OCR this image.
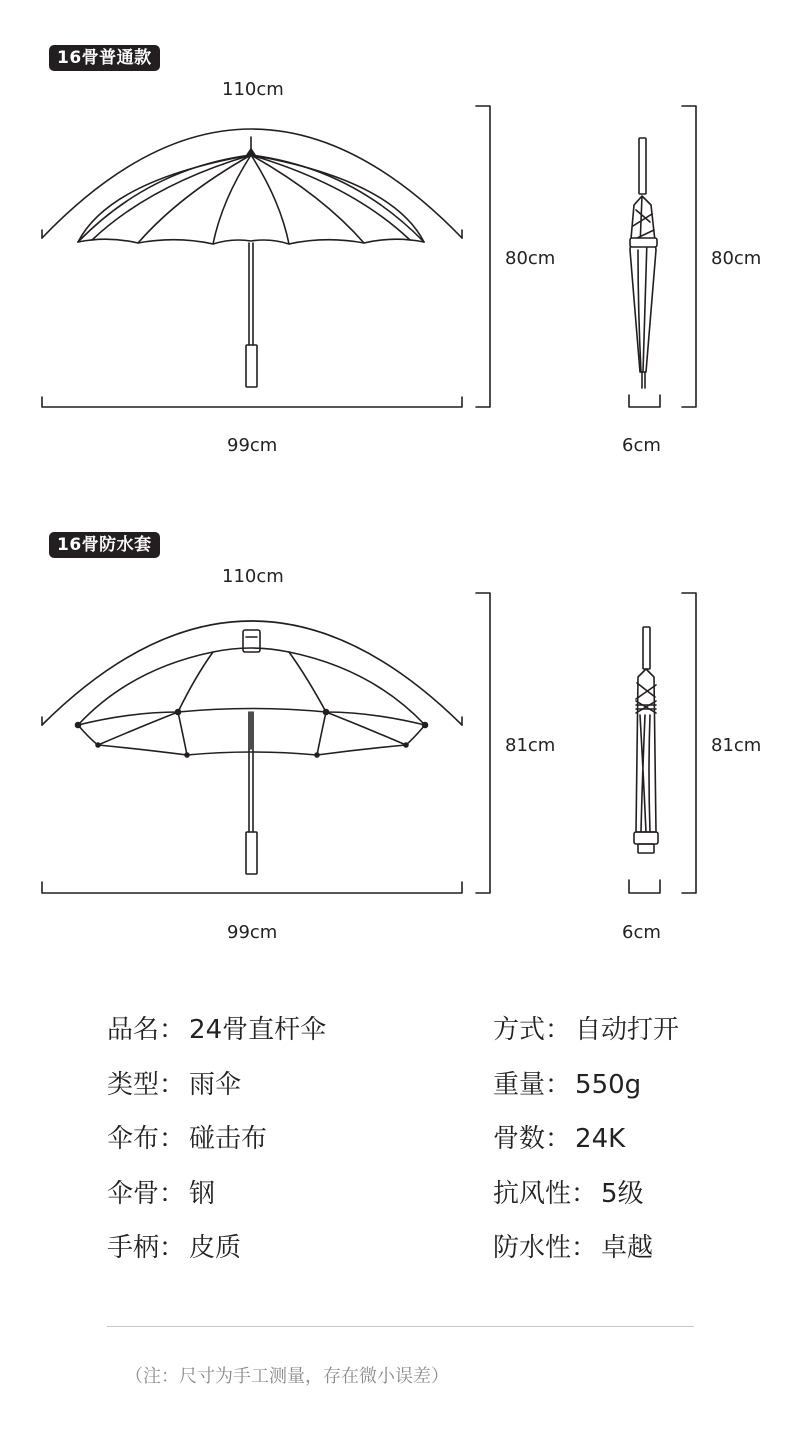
16骨普通款
110cm
80cm
99cm
80cm
6cm
16骨防水套
110cm
81cm
99cm
81cm
6cm
品名： 24骨直杆伞
类型： 雨伞
伞布： 碰击布
伞骨： 钢
手柄： 皮质
方式： 自动打开
重量： 550g
骨数： 24K
抗风性： 5级
防水性： 卓越
（注：尺寸为手工测量，存在微小误差）
